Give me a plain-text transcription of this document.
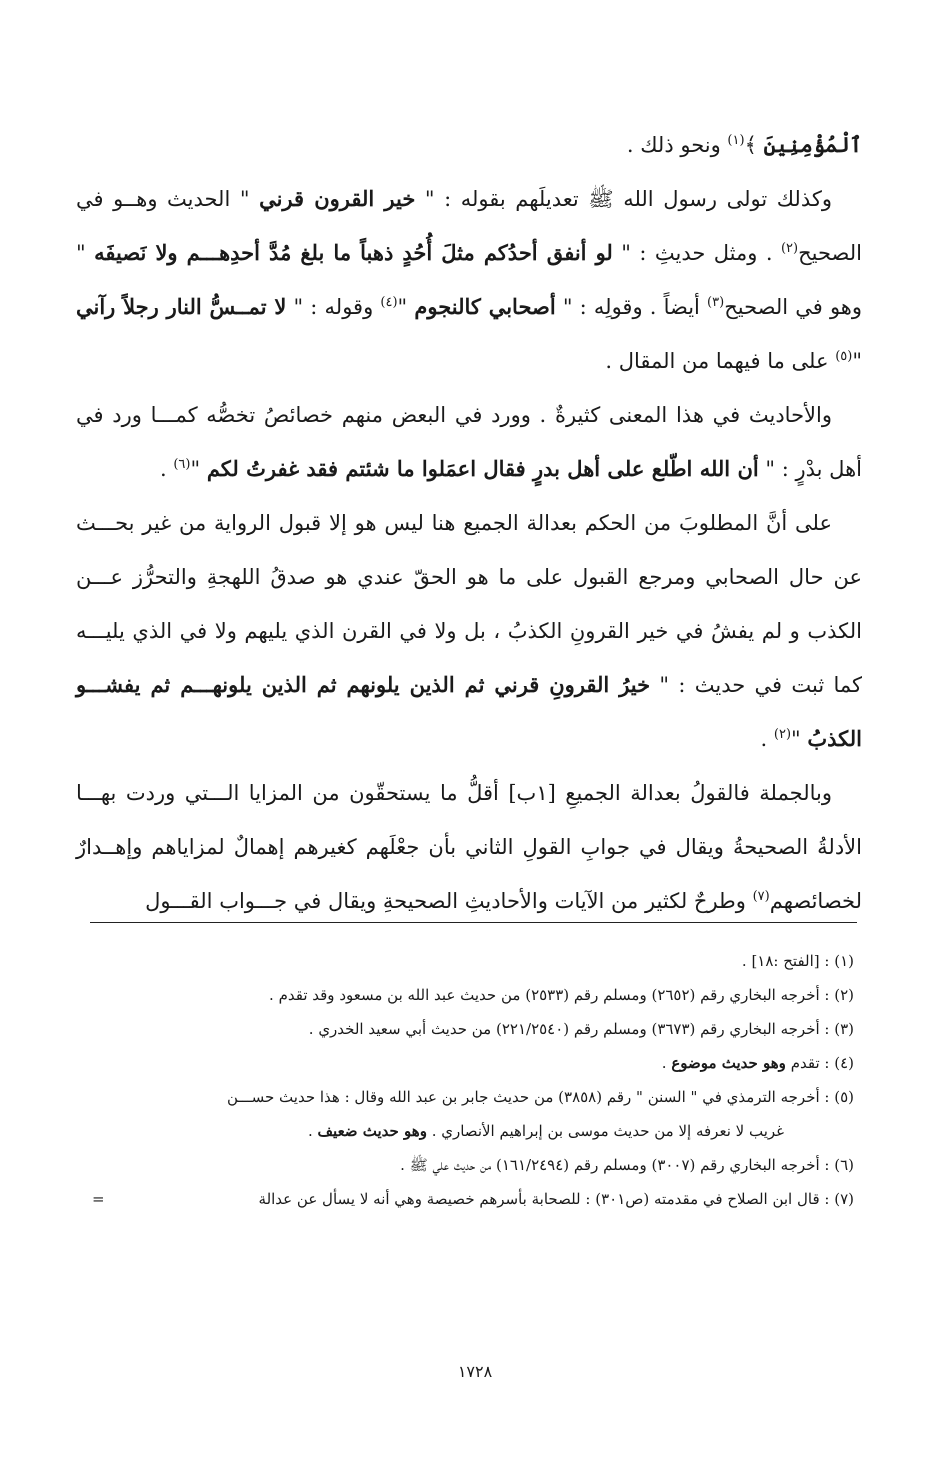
ٱلْمُؤْمِنِينَ ﴾$^{(١)}$ ونحو ذلك .

وكذلك تولى رسول الله ﷺ تعديلَهم بقوله : " خير القرون قرني " الحديث وهــو في الصحيح$^{(٢)}$ . ومثل حديثِ : " لو أنفق أحدُكم مثلَ أُحُدٍ ذهباً ما بلغ مُدَّ أحدِهـــم ولا نَصيفَه " وهو في الصحيح$^{(٣)}$ أيضاً . وقولِه : " أصحابي كالنجوم "$^{(٤)}$ وقوله : " لا تمــسُّ النار رجلاً رآني "$^{(٥)}$ على ما فيهما من المقال .

والأحاديث في هذا المعنى كثيرةٌ . وورد في البعض منهم خصائصُ تخصُّه كمـــا ورد في أهل بدْرٍ : " أن الله اطّلع على أهل بدرٍ فقال اعمَلوا ما شئتم فقد غفرتُ لكم "$^{(٦)}$ .

على أنَّ المطلوبَ من الحكم بعدالة الجميع هنا ليس هو إلا قبول الرواية من غير بحـــث عن حال الصحابي ومرجع القبول على ما هو الحقّ عندي هو صدقُ اللهجةِ والتحرُّز عـــن الكذب و لم يفشُ في خير القرونِ الكذبُ ، بل ولا في القرن الذي يليهم ولا في الذي يليـــه كما ثبت في حديث : " خيرُ القرونِ قرني ثم الذين يلونهم ثم الذين يلونهـــم ثم يفشـــو الكذبُ "$^{(٢)}$ .

وبالجملة فالقولُ بعدالة الجميعِ [١ب] أقلُّ ما يستحقّون من المزايا الـــتي وردت بهـــا الأدلةُ الصحيحةُ ويقال في جوابِ القولِ الثاني بأن جعْلَهم كغيرهم إهمالٌ لمزاياهم وإهــدارٌ لخصائصهم$^{(٧)}$ وطرحٌ لكثير من الآيات والأحاديثِ الصحيحةِ ويقال في جـــواب القـــول

(١) : [الفتح :١٨] .

(٢) : أخرجه البخاري رقم (٢٦٥٢) ومسلم رقم (٢٥٣٣) من حديث عبد الله بن مسعود وقد تقدم .

(٣) : أخرجه البخاري رقم (٣٦٧٣) ومسلم رقم (٢٢١/٢٥٤٠) من حديث أبي سعيد الخدري .

(٤) : تقدم وهو حديث موضوع .

(٥) : أخرجه الترمذي في " السنن " رقم (٣٨٥٨) من حديث جابر بن عبد الله وقال : هذا حديث حســـن

غريب لا نعرفه إلا من حديث موسى بن إبراهيم الأنصاري . وهو حديث ضعيف .

(٦) : أخرجه البخاري رقم (٣٠٠٧) ومسلم رقم (١٦١/٢٤٩٤) من حديث علي ﷺ .

(٧) : قال ابن الصلاح في مقدمته (ص٣٠١) : للصحابة بأسرهم خصيصة وهي أنه لا يسأل عن عدالة
=

١٧٢٨
